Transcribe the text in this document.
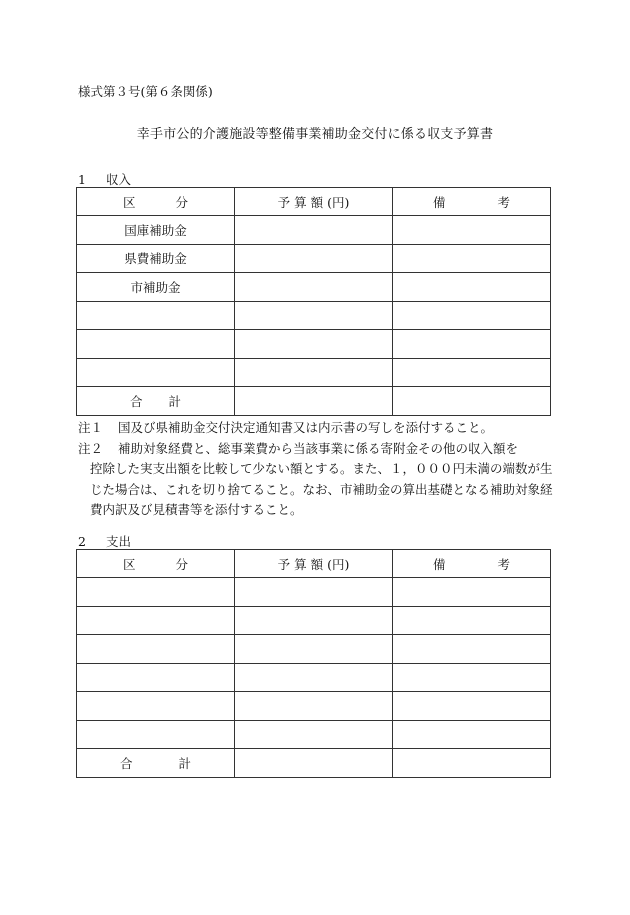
様式第３号(第６条関係)
幸手市公的介護施設等整備事業補助金交付に係る収支予算書
1 収入
区 分	予 算 額 (円)	備 考
国庫補助金		
県費補助金		
市補助金		

合 計		
注１ 国及び県補助金交付決定通知書又は内示書の写しを添付すること。
注２ 補助対象経費と、総事業費から当該事業に係る寄附金その他の収入額を
控除した実支出額を比較して少ない額とする。また、１，０００円未満の端数が生じた場合は、これを切り捨てること。なお、市補助金の算出基礎となる補助対象経費内訳及び見積書等を添付すること。
2 支出
区 分	予 算 額 (円)	備 考

合 計		
